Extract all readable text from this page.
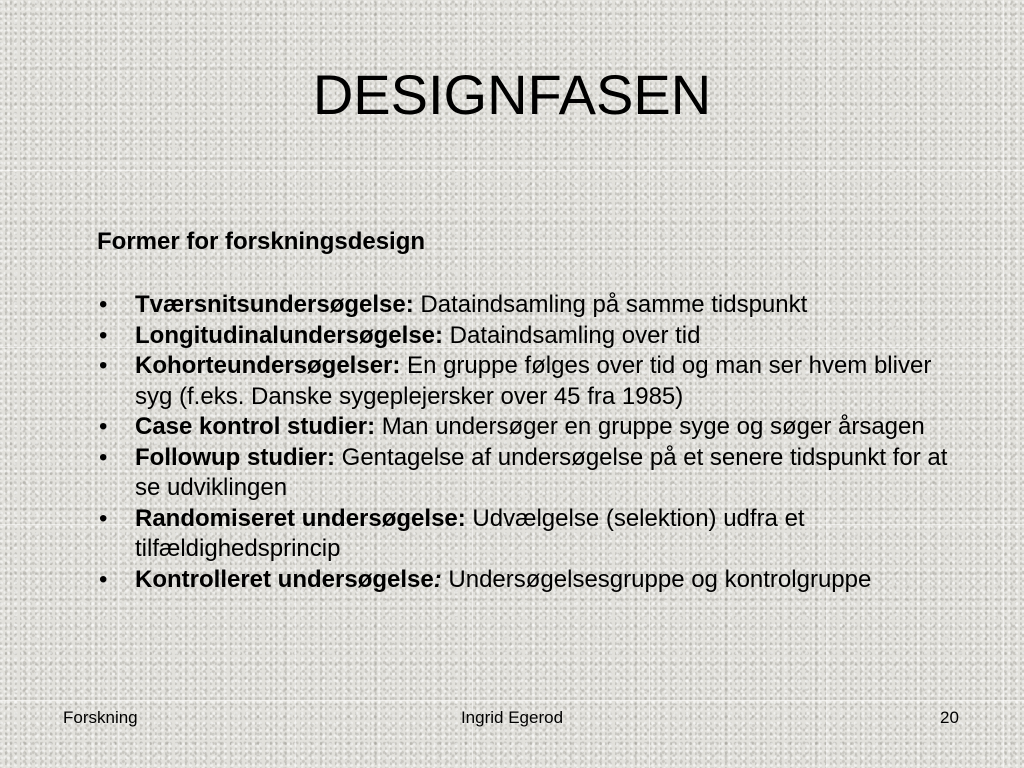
DESIGNFASEN

Former for forskningsdesign

• Tværsnitsundersøgelse: Dataindsamling på samme tidspunkt
• Longitudinalundersøgelse: Dataindsamling over tid
• Kohorteundersøgelser: En gruppe følges over tid og man ser hvem bliver syg (f.eks. Danske sygeplejersker over 45 fra 1985)
• Case kontrol studier: Man undersøger en gruppe syge og søger årsagen
• Followup studier: Gentagelse af undersøgelse på et senere tidspunkt for at se udviklingen
• Randomiseret undersøgelse: Udvælgelse (selektion) udfra et tilfældighedsprincip
• Kontrolleret undersøgelse: Undersøgelsesgruppe og kontrolgruppe
Forskning	Ingrid Egerod	20
